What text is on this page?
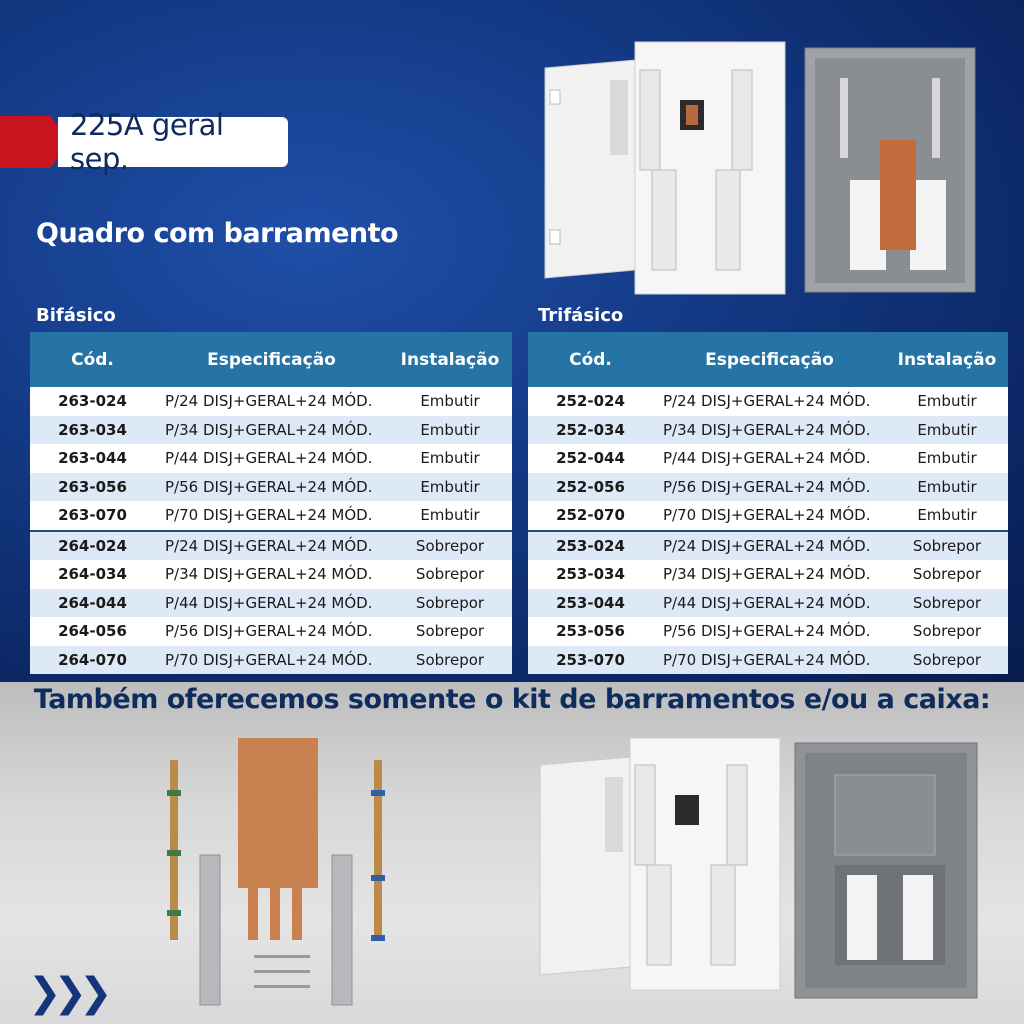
225A geral sep.
Quadro com barramento
Bifásico	Trifásico
Cód.	Especificação	Instalação
263-024	P/24 DISJ+GERAL+24 MÓD.	Embutir
263-034	P/34 DISJ+GERAL+24 MÓD.	Embutir
263-044	P/44 DISJ+GERAL+24 MÓD.	Embutir
263-056	P/56 DISJ+GERAL+24 MÓD.	Embutir
263-070	P/70 DISJ+GERAL+24 MÓD.	Embutir
264-024	P/24 DISJ+GERAL+24 MÓD.	Sobrepor
264-034	P/34 DISJ+GERAL+24 MÓD.	Sobrepor
264-044	P/44 DISJ+GERAL+24 MÓD.	Sobrepor
264-056	P/56 DISJ+GERAL+24 MÓD.	Sobrepor
264-070	P/70 DISJ+GERAL+24 MÓD.	Sobrepor
Cód.	Especificação	Instalação
252-024	P/24 DISJ+GERAL+24 MÓD.	Embutir
252-034	P/34 DISJ+GERAL+24 MÓD.	Embutir
252-044	P/44 DISJ+GERAL+24 MÓD.	Embutir
252-056	P/56 DISJ+GERAL+24 MÓD.	Embutir
252-070	P/70 DISJ+GERAL+24 MÓD.	Embutir
253-024	P/24 DISJ+GERAL+24 MÓD.	Sobrepor
253-034	P/34 DISJ+GERAL+24 MÓD.	Sobrepor
253-044	P/44 DISJ+GERAL+24 MÓD.	Sobrepor
253-056	P/56 DISJ+GERAL+24 MÓD.	Sobrepor
253-070	P/70 DISJ+GERAL+24 MÓD.	Sobrepor
Também oferecemos somente o kit de barramentos e/ou a caixa:
❯❯❯
